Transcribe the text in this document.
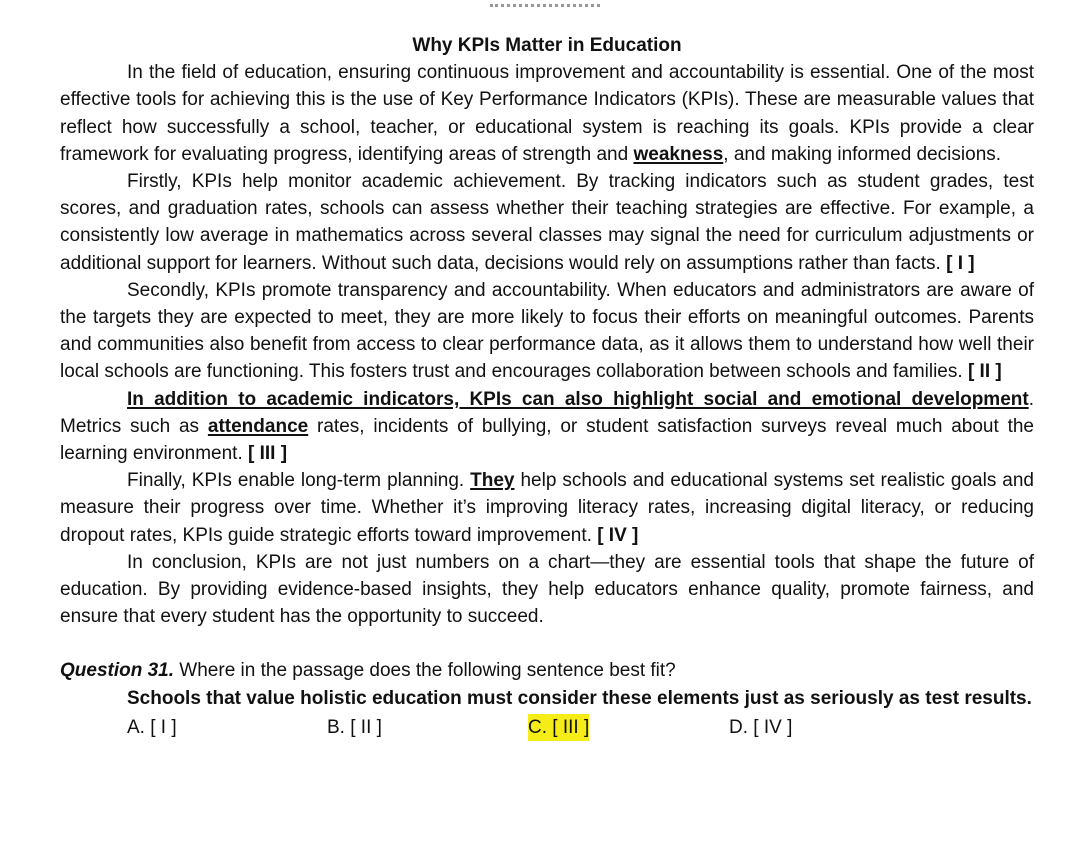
Why KPIs Matter in Education

In the field of education, ensuring continuous improvement and accountability is essential. One of the most effective tools for achieving this is the use of Key Performance Indicators (KPIs). These are measurable values that reflect how successfully a school, teacher, or educational system is reaching its goals. KPIs provide a clear framework for evaluating progress, identifying areas of strength and weakness, and making informed decisions.

Firstly, KPIs help monitor academic achievement. By tracking indicators such as student grades, test scores, and graduation rates, schools can assess whether their teaching strategies are effective. For example, a consistently low average in mathematics across several classes may signal the need for curriculum adjustments or additional support for learners. Without such data, decisions would rely on assumptions rather than facts. [ I ]

Secondly, KPIs promote transparency and accountability. When educators and administrators are aware of the targets they are expected to meet, they are more likely to focus their efforts on meaningful outcomes. Parents and communities also benefit from access to clear performance data, as it allows them to understand how well their local schools are functioning. This fosters trust and encourages collaboration between schools and families. [ II ]

In addition to academic indicators, KPIs can also highlight social and emotional development. Metrics such as attendance rates, incidents of bullying, or student satisfaction surveys reveal much about the learning environment. [ III ]

Finally, KPIs enable long-term planning. They help schools and educational systems set realistic goals and measure their progress over time. Whether it’s improving literacy rates, increasing digital literacy, or reducing dropout rates, KPIs guide strategic efforts toward improvement. [ IV ]

In conclusion, KPIs are not just numbers on a chart—they are essential tools that shape the future of education. By providing evidence-based insights, they help educators enhance quality, promote fairness, and ensure that every student has the opportunity to succeed.

Question 31. Where in the passage does the following sentence best fit?

Schools that value holistic education must consider these elements just as seriously as test results.

A. [ I ]	B. [ II ]	C. [ III ]	D. [ IV ]
